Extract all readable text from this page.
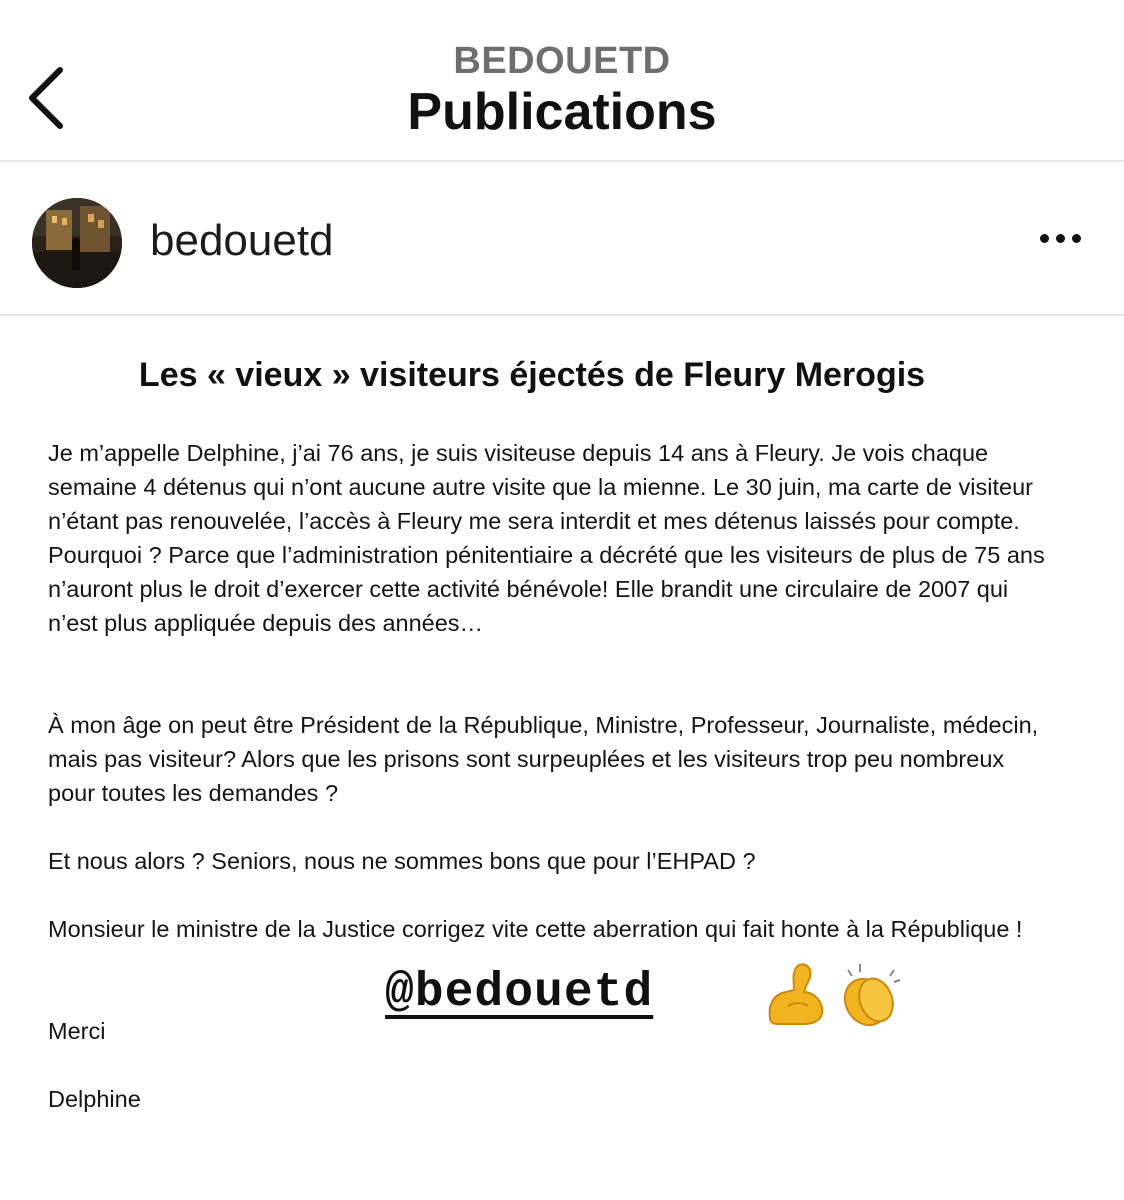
BEDOUETD
Publications
bedouetd
Les « vieux » visiteurs éjectés de Fleury Merogis

Je m’appelle Delphine, j’ai 76 ans, je suis visiteuse depuis 14 ans à Fleury. Je vois chaque semaine 4 détenus qui n’ont aucune autre visite que la mienne. Le 30 juin, ma carte de visiteur n’étant pas renouvelée, l’accès à Fleury me sera interdit et mes détenus laissés pour compte. Pourquoi ? Parce que l’administration pénitentiaire a décrété que les visiteurs de plus de 75 ans n’auront plus le droit d’exercer cette activité bénévole! Elle brandit une circulaire de 2007 qui n’est plus appliquée depuis des années…

À mon âge on peut être Président de la République, Ministre, Professeur, Journaliste, médecin, mais pas visiteur? Alors que les prisons sont surpeuplées et les visiteurs trop peu nombreux pour toutes les demandes ?

Et nous alors ? Seniors, nous ne sommes bons que pour l’EHPAD ?

Monsieur le ministre de la Justice corrigez vite cette aberration qui fait honte à la République !

Merci

Delphine

@bedouetd
